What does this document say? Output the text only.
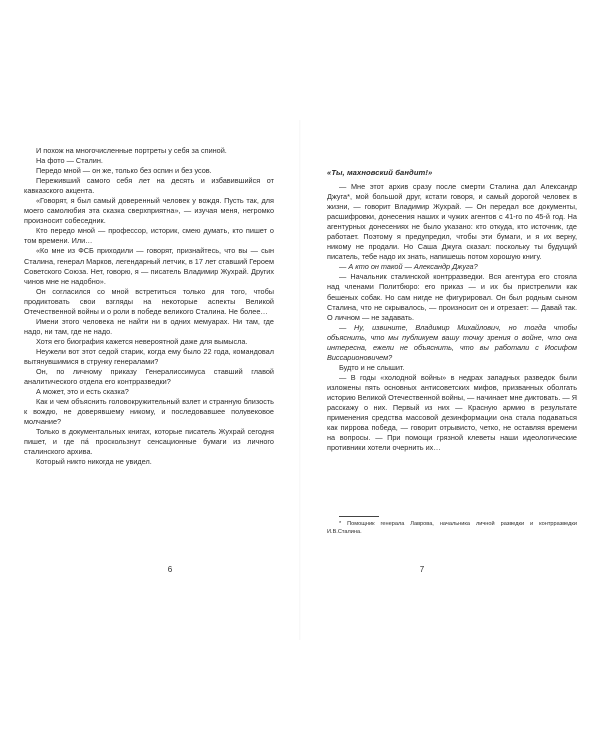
И похож на многочисленные портреты у себя за спиной.

На фото — Сталин.

Передо мной — он же, только без оспин и без усов.

Переживший самого себя лет на десять и избавившийся от кавказского акцента.

«Говорят, я был самый доверенный человек у вождя. Пусть так, для моего самолюбия эта сказка сверхприятна», — изучая меня, негромко произносит собеседник.

Кто передо мной — профессор, историк, смею думать, кто пишет о том времени. Или…

«Ко мне из ФСБ приходили — говорят, признайтесь, что вы — сын Сталина, генерал Марков, легендарный летчик, в 17 лет ставший Героем Советского Союза. Нет, говорю, я — писатель Владимир Жухрай. Других чинов мне не надобно».

Он согласился со мной встретиться только для того, чтобы продиктовать свои взгляды на некоторые аспекты Великой Отечественной войны и о роли в победе великого Сталина. Не более…

Имени этого человека не найти ни в одних мемуарах. Ни там, где надо, ни там, где не надо.

Хотя его биография кажется невероятной даже для вымысла.

Неужели вот этот седой старик, когда ему было 22 года, командовал вытянувшимися в струнку генералами?

Он, по личному приказу Генералиссимуса ставший главой аналитического отдела его контрразведки?

А может, это и есть сказка?

Как и чем объяснить головокружительный взлет и странную близость к вождю, не доверявшему никому, и последовавшее полувековое молчание?

Только в документальных книгах, которые писатель Жухрай сегодня пишет, и где па́ проскользнут сенсационные бумаги из личного сталинского архива.

Который никто никогда не увидел.

6
«Ты, махновский бандит!»

— Мне этот архив сразу после смерти Сталина дал Александр Джуга*, мой большой друг, кстати говоря, и самый дорогой человек в жизни, — говорит Владимир Жухрай. — Он передал все документы, расшифровки, донесения наших и чужих агентов с 41-го по 45-й год. На агентурных донесениях не было указано: кто откуда, кто источник, где работает. Поэтому я предупредил, чтобы эти бумаги, и я их верну, никому не продали. Но Саша Джуга сказал: поскольку ты будущий писатель, тебе надо их знать, напишешь потом хорошую книгу.

— А кто он такой — Александр Джуга?

— Начальник сталинской контрразведки. Вся агентура его стояла над членами Политбюро: его приказ — и их бы пристрелили как бешеных собак. Но сам нигде не фигурировал. Он был родным сыном Сталина, что не скрывалось, — произносит он и отрезает: — Давай так. О личном — не задавать.

— Ну, извините, Владимир Михайлович, но тогда чтобы объяснить, что мы публикуем вашу точку зрения о войне, что она интересна, ежели не объяснить, что вы работали с Иосифом Виссарионовичем?

Будто и не слышит.

— В годы «холодной войны» в недрах западных разведок были изложены пять основных антисоветских мифов, призванных оболгать историю Великой Отечественной войны, — начинает мне диктовать. — Я расскажу о них. Первый из них — Красную армию в результате применения средства массовой дезинформации она стала подаваться как пирровa победа, — говорит отрывисто, четко, не оставляя времени на вопросы. — При помощи грязной клеветы наши идеологические противники хотели очернить их…

* Помощник генерала Лаврова, начальника личной разведки и контрразведки И.В.Сталина.
7
